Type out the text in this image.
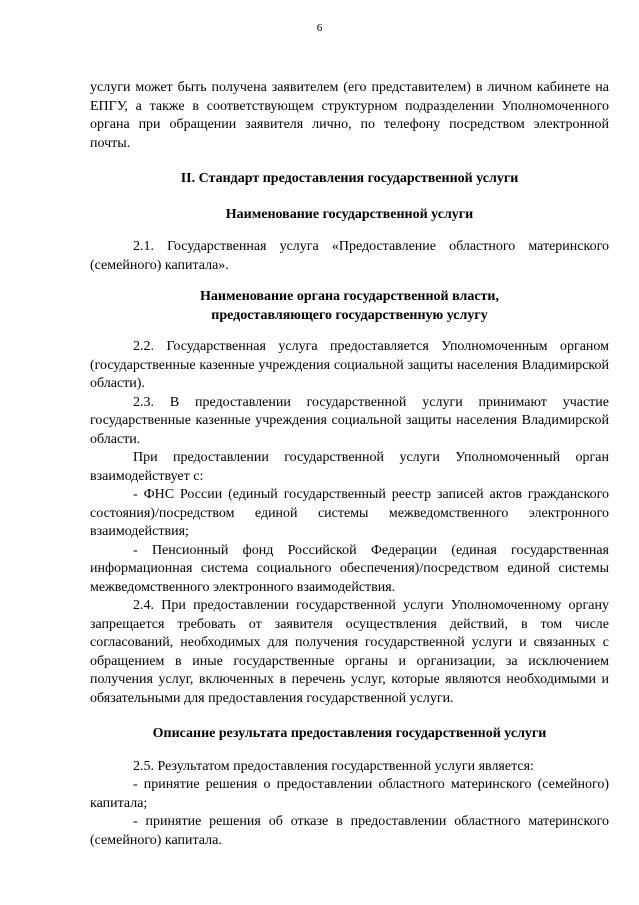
6

услуги может быть получена заявителем (его представителем) в личном кабинете на ЕПГУ, а также в соответствующем структурном подразделении Уполномоченного органа при обращении заявителя лично, по телефону посредством электронной почты.

II. Стандарт предоставления государственной услуги

Наименование государственной услуги

2.1. Государственная услуга «Предоставление областного материнского (семейного) капитала».

Наименование органа государственной власти,

предоставляющего государственную услугу

2.2. Государственная услуга предоставляется Уполномоченным органом (государственные казенные учреждения социальной защиты населения Владимирской области).

2.3. В предоставлении государственной услуги принимают участие государственные казенные учреждения социальной защиты населения Владимирской области.

При предоставлении государственной услуги Уполномоченный орган взаимодействует с:

- ФНС России (единый государственный реестр записей актов гражданского состояния)/посредством единой системы межведомственного электронного взаимодействия;

- Пенсионный фонд Российской Федерации (единая государственная информационная система социального обеспечения)/посредством единой системы межведомственного электронного взаимодействия.

2.4. При предоставлении государственной услуги Уполномоченному органу запрещается требовать от заявителя осуществления действий, в том числе согласований, необходимых для получения государственной услуги и связанных с обращением в иные государственные органы и организации, за исключением получения услуг, включенных в перечень услуг, которые являются необходимыми и обязательными для предоставления государственной услуги.

Описание результата предоставления государственной услуги

2.5. Результатом предоставления государственной услуги является:

- принятие решения о предоставлении областного материнского (семейного) капитала;

- принятие решения об отказе в предоставлении областного материнского (семейного) капитала.
